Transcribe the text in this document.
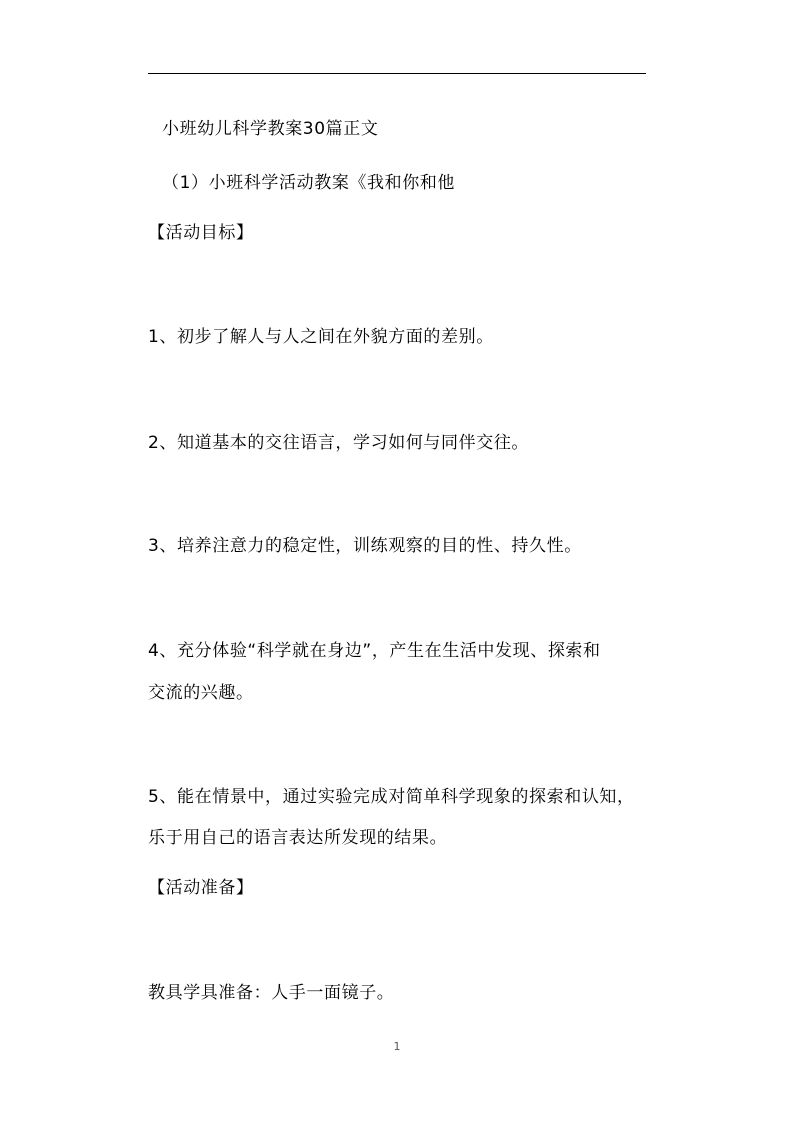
小班幼儿科学教案30篇正文
（1）小班科学活动教案《我和你和他
【活动目标】
1、初步了解人与人之间在外貌方面的差别。
2、知道基本的交往语言，学习如何与同伴交往。
3、培养注意力的稳定性，训练观察的目的性、持久性。
4、充分体验“科学就在身边”，产生在生活中发现、探索和
交流的兴趣。
5、能在情景中，通过实验完成对简单科学现象的探索和认知，
乐于用自己的语言表达所发现的结果。
【活动准备】
教具学具准备：人手一面镜子。
1
